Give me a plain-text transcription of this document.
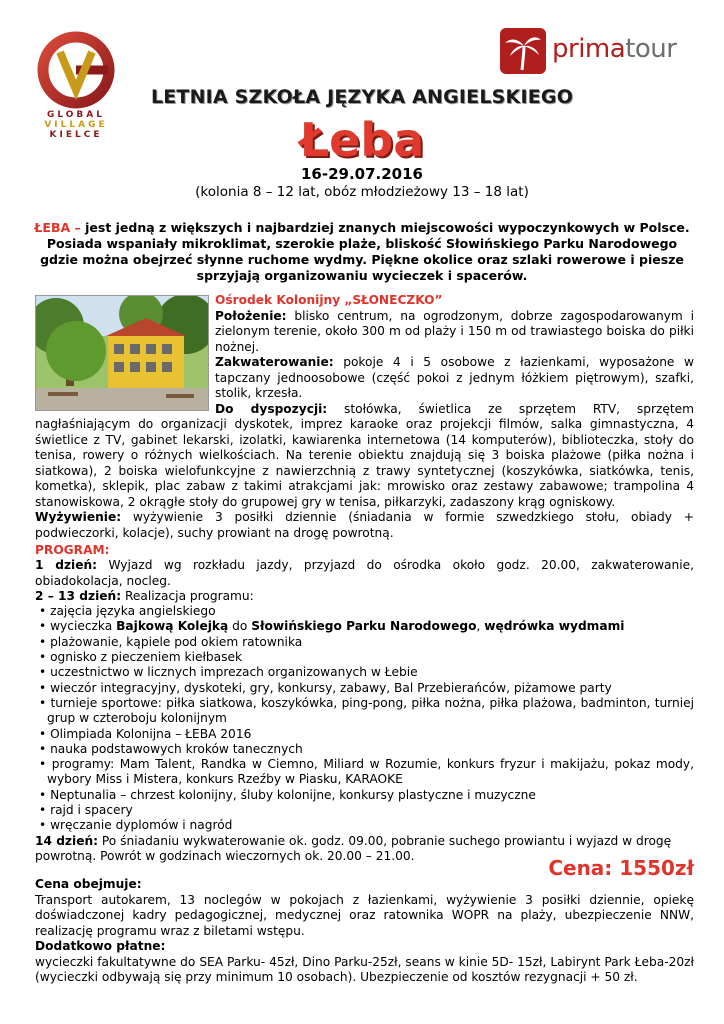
GLOBAL
VILLAGE
KIELCE
primatour
LETNIA SZKOŁA JĘZYKA ANGIELSKIEGO
Łeba
16-29.07.2016
(kolonia 8 – 12 lat, obóz młodzieżowy 13 – 18 lat)
ŁEBA – jest jedną z większych i najbardziej znanych miejscowości wypoczynkowych w Polsce. Posiada wspaniały mikroklimat, szerokie plaże, bliskość Słowińskiego Parku Narodowego gdzie można obejrzeć słynne ruchome wydmy. Piękne okolice oraz szlaki rowerowe i piesze sprzyjają organizowaniu wycieczek i spacerów.

Ośrodek Kolonijny „SŁONECZKO”

Położenie: blisko centrum, na ogrodzonym, dobrze zagospodarowanym i zielonym terenie, około 300 m od plaży i 150 m od trawiastego boiska do piłki nożnej.

Zakwaterowanie: pokoje 4 i 5 osobowe z łazienkami, wyposażone w tapczany jednoosobowe (część pokoi z jednym łóżkiem piętrowym), szafki, stolik, krzesła.

Do dyspozycji: stołówka, świetlica ze sprzętem RTV, sprzętem nagłaśniającym do organizacji dyskotek, imprez karaoke oraz projekcji filmów, salka gimnastyczna, 4 świetlice z TV, gabinet lekarski, izolatki, kawiarenka internetowa (14 komputerów), biblioteczka, stoły do tenisa, rowery o różnych wielkościach. Na terenie obiektu znajdują się 3 boiska plażowe (piłka nożna i siatkowa), 2 boiska wielofunkcyjne z nawierzchnią z trawy syntetycznej (koszykówka, siatkówka, tenis, kometka), sklepik, plac zabaw z takimi atrakcjami jak: mrowisko oraz zestawy zabawowe; trampolina 4 stanowiskowa, 2 okrągłe stoły do grupowej gry w tenisa, piłkarzyki, zadaszony krąg ogniskowy.

Wyżywienie: wyżywienie 3 posiłki dziennie (śniadania w formie szwedzkiego stołu, obiady + podwieczorki, kolacje), suchy prowiant na drogę powrotną.

PROGRAM:

1 dzień: Wyjazd wg rozkładu jazdy, przyjazd do ośrodka około godz. 20.00, zakwaterowanie, obiadokolacja, nocleg.

2 – 13 dzień: Realizacja programu:

• zajęcia języka angielskiego

• wycieczka Bajkową Kolejką do Słowińskiego Parku Narodowego, wędrówka wydmami

• plażowanie, kąpiele pod okiem ratownika

• ognisko z pieczeniem kiełbasek

• uczestnictwo w licznych imprezach organizowanych w Łebie

• wieczór integracyjny, dyskoteki, gry, konkursy, zabawy, Bal Przebierańców, piżamowe party

• turnieje sportowe: piłka siatkowa, koszykówka, ping-pong, piłka nożna, piłka plażowa, badminton, turniej grup w czteroboju kolonijnym

• Olimpiada Kolonijna – ŁEBA 2016

• nauka podstawowych kroków tanecznych

• programy: Mam Talent, Randka w Ciemno, Miliard w Rozumie, konkurs fryzur i makijażu, pokaz mody, wybory Miss i Mistera, konkurs Rzeźby w Piasku, KARAOKE

• Neptunalia – chrzest kolonijny, śluby kolonijne, konkursy plastyczne i muzyczne

• rajd i spacery

• wręczanie dyplomów i nagród

14 dzień: Po śniadaniu wykwaterowanie ok. godz. 09.00, pobranie suchego prowiantu i wyjazd w drogę powrotną. Powrót w godzinach wieczornych ok. 20.00 – 21.00.

Cena: 1550zł

Cena obejmuje:

Transport autokarem, 13 noclegów w pokojach z łazienkami, wyżywienie 3 posiłki dziennie, opiekę doświadczonej kadry pedagogicznej, medycznej oraz ratownika WOPR na plaży, ubezpieczenie NNW, realizację programu wraz z biletami wstępu.

Dodatkowo płatne:

wycieczki fakultatywne do SEA Parku- 45zł, Dino Parku-25zł, seans w kinie 5D- 15zł, Labirynt Park Łeba-20zł (wycieczki odbywają się przy minimum 10 osobach). Ubezpieczenie od kosztów rezygnacji + 50 zł.
